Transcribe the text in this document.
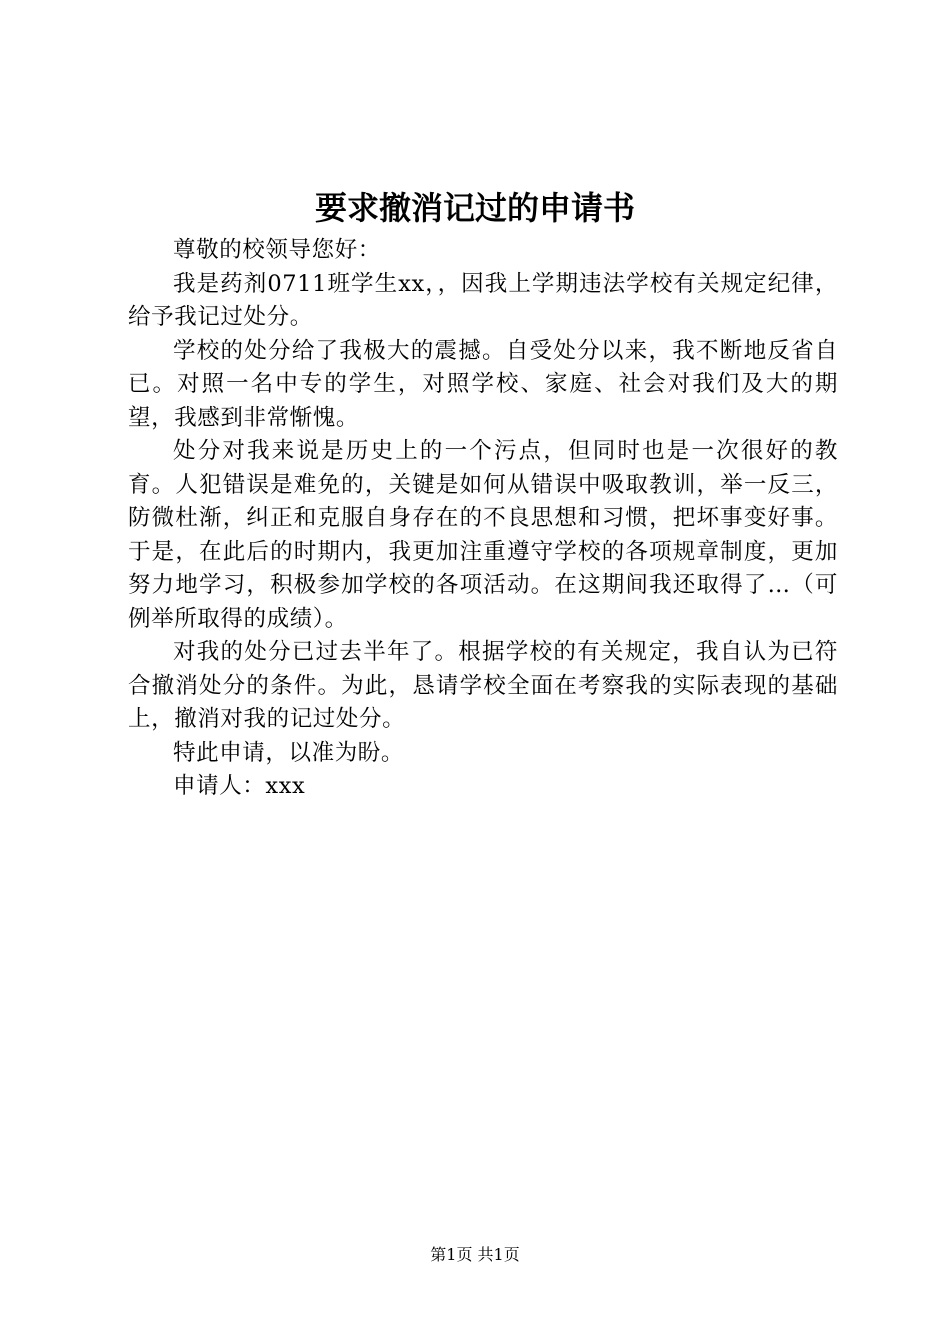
要求撤消记过的申请书

尊敬的校领导您好：

我是药剂0711班学生xx，，因我上学期违法学校有关规定纪律，给予我记过处分。

学校的处分给了我极大的震撼。自受处分以来，我不断地反省自已。对照一名中专的学生，对照学校、家庭、社会对我们及大的期望，我感到非常惭愧。

处分对我来说是历史上的一个污点，但同时也是一次很好的教育。人犯错误是难免的，关键是如何从错误中吸取教训，举一反三，防微杜渐，纠正和克服自身存在的不良思想和习惯，把坏事变好事。于是，在此后的时期内，我更加注重遵守学校的各项规章制度，更加努力地学习，积极参加学校的各项活动。在这期间我还取得了…（可例举所取得的成绩）。

对我的处分已过去半年了。根据学校的有关规定，我自认为已符合撤消处分的条件。为此，恳请学校全面在考察我的实际表现的基础上，撤消对我的记过处分。

特此申请，以准为盼。

申请人：xxx

第1页 共1页
